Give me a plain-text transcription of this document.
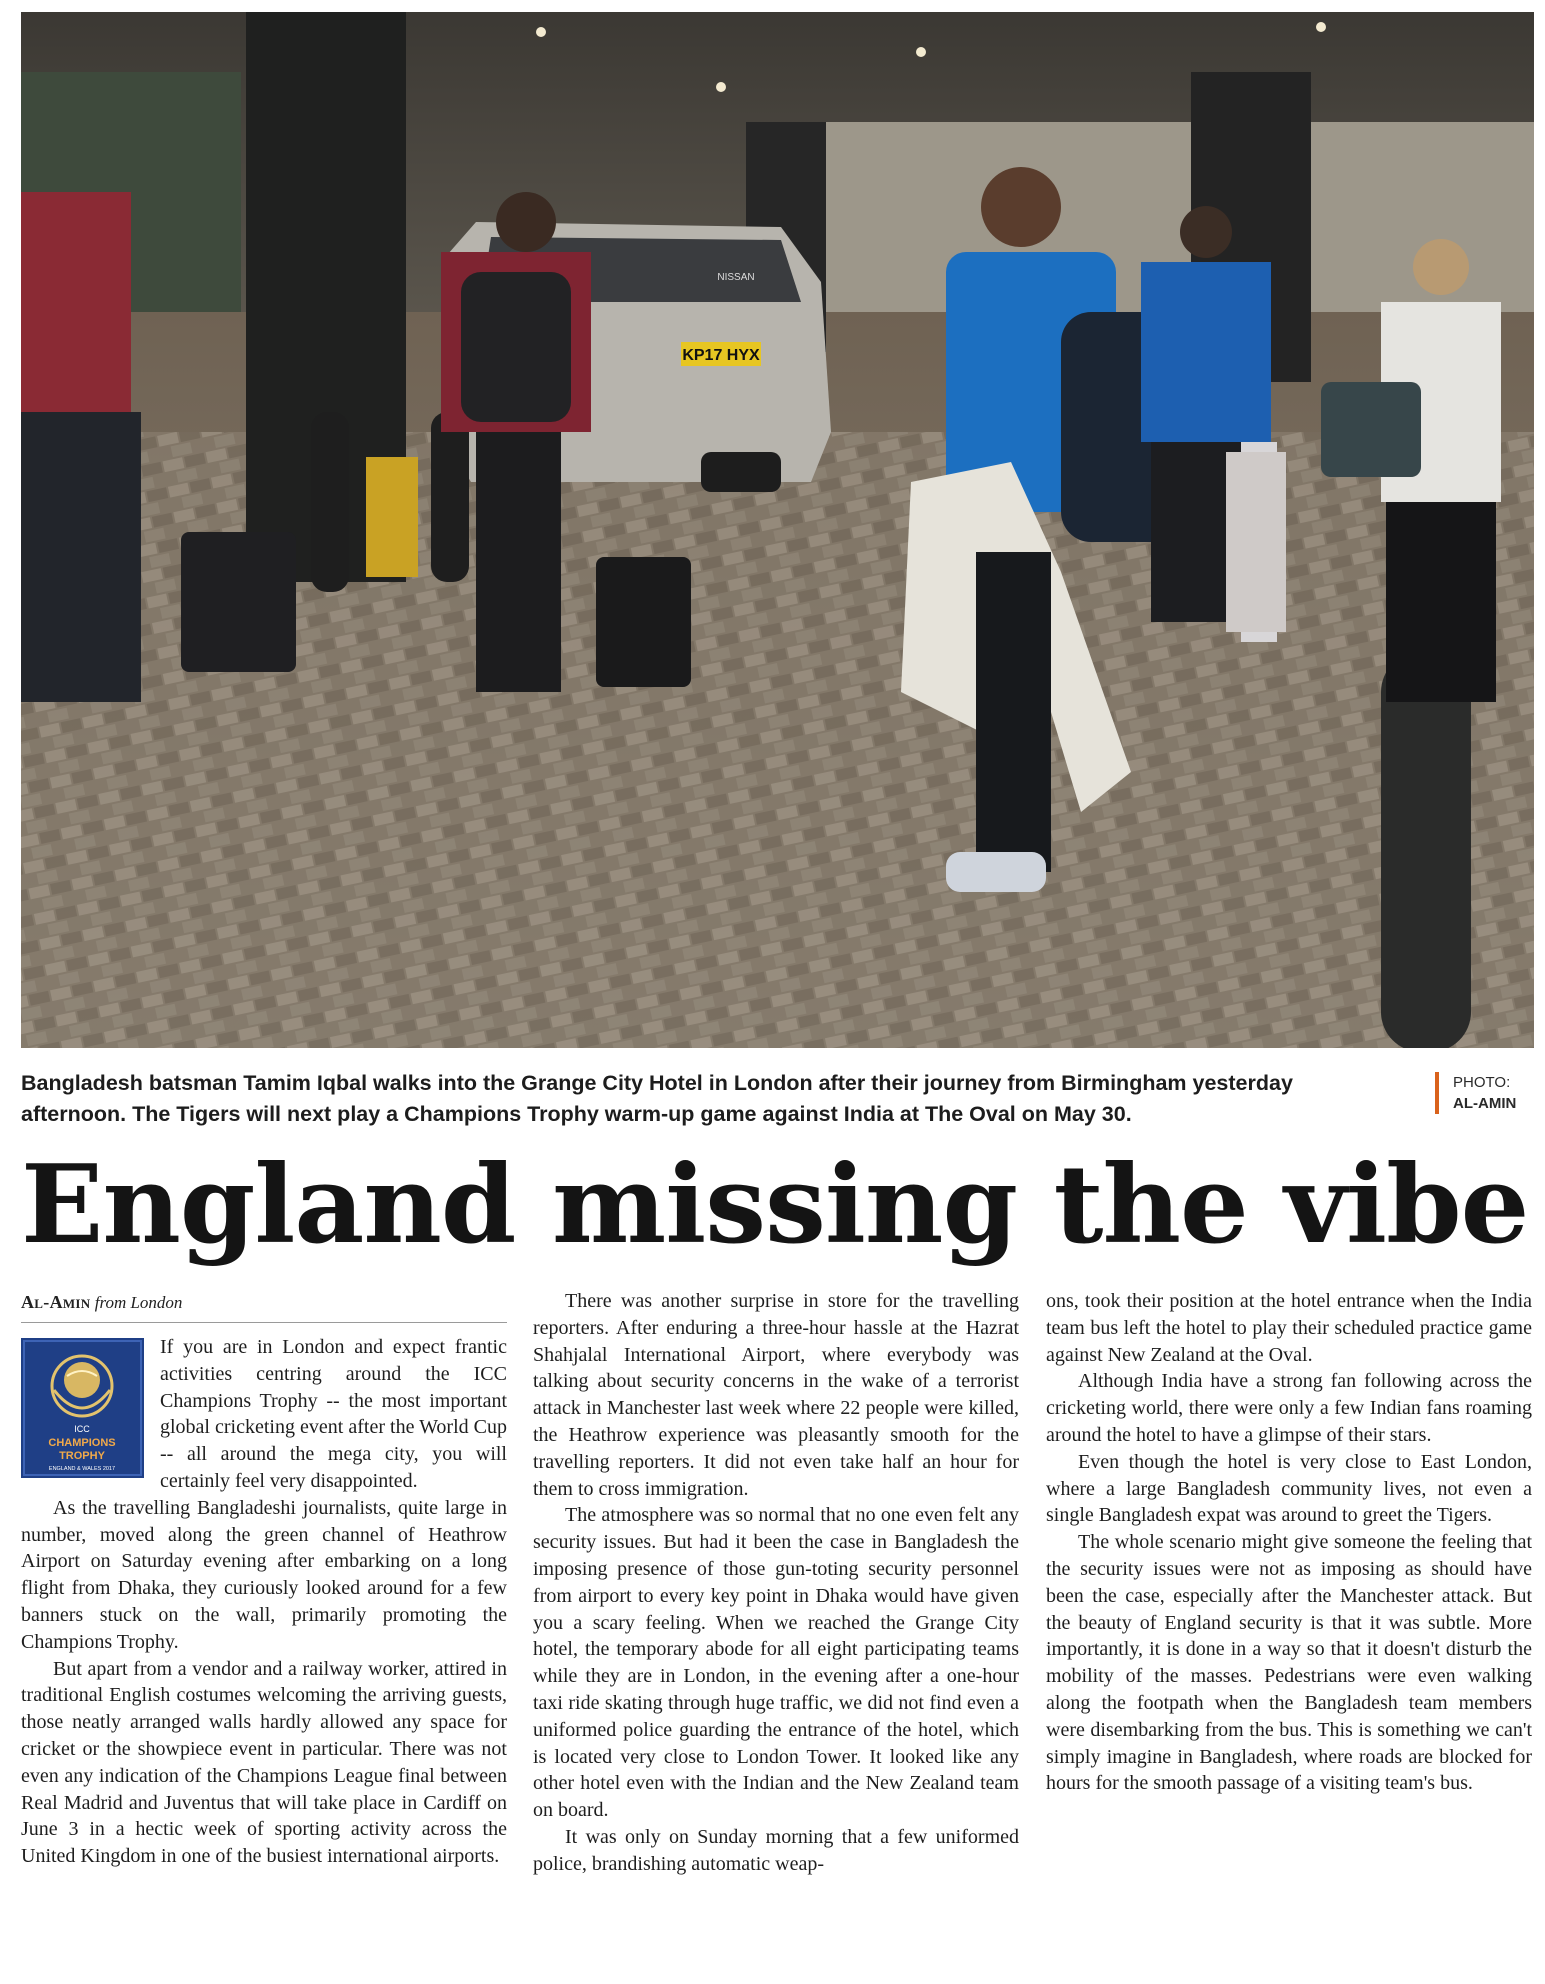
KP17 HYX
NISSAN
Bangladesh batsman Tamim Iqbal walks into the Grange City Hotel in London after their journey from Birmingham yesterday afternoon. The Tigers will next play a Champions Trophy warm-up game against India at The Oval on May 30.
PHOTO:
AL-AMIN
England missing the vibe
Al-Amin from London
ICC
CHAMPIONS
TROPHY
ENGLAND & WALES 2017

If you are in London and expect frantic activities centring around the ICC Champions Trophy -- the most important global cricketing event after the World Cup -- all around the mega city, you will certainly feel very disappointed.

As the travelling Bangladeshi journalists, quite large in number, moved along the green channel of Heathrow Airport on Saturday evening after embarking on a long flight from Dhaka, they curiously looked around for a few banners stuck on the wall, primarily promoting the Champions Trophy.

But apart from a vendor and a railway worker, attired in traditional English costumes welcoming the arriving guests, those neatly arranged walls hardly allowed any space for cricket or the showpiece event in particular. There was not even any indication of the Champions League final between Real Madrid and Juventus that will take place in Cardiff on June 3 in a hectic week of sporting activity across the United Kingdom in one of the busiest international airports.

There was another surprise in store for the travelling reporters. After enduring a three-hour hassle at the Hazrat Shahjalal International Airport, where everybody was talking about security concerns in the wake of a terrorist attack in Manchester last week where 22 people were killed, the Heathrow experience was pleasantly smooth for the travelling reporters. It did not even take half an hour for them to cross immigration.

The atmosphere was so normal that no one even felt any security issues. But had it been the case in Bangladesh the imposing presence of those gun-toting security personnel from airport to every key point in Dhaka would have given you a scary feeling. When we reached the Grange City hotel, the temporary abode for all eight participating teams while they are in London, in the evening after a one-hour taxi ride skating through huge traffic, we did not find even a uniformed police guarding the entrance of the hotel, which is located very close to London Tower. It looked like any other hotel even with the Indian and the New Zealand team on board.

It was only on Sunday morning that a few uniformed police, brandishing automatic weap-

ons, took their position at the hotel entrance when the India team bus left the hotel to play their scheduled practice game against New Zealand at the Oval.

Although India have a strong fan following across the cricketing world, there were only a few Indian fans roaming around the hotel to have a glimpse of their stars.

Even though the hotel is very close to East London, where a large Bangladesh community lives, not even a single Bangladesh expat was around to greet the Tigers.

The whole scenario might give someone the feeling that the security issues were not as imposing as should have been the case, especially after the Manchester attack. But the beauty of England security is that it was subtle. More importantly, it is done in a way so that it doesn't disturb the mobility of the masses. Pedestrians were even walking along the footpath when the Bangladesh team members were disembarking from the bus. This is something we can't simply imagine in Bangladesh, where roads are blocked for hours for the smooth passage of a visiting team's bus.
